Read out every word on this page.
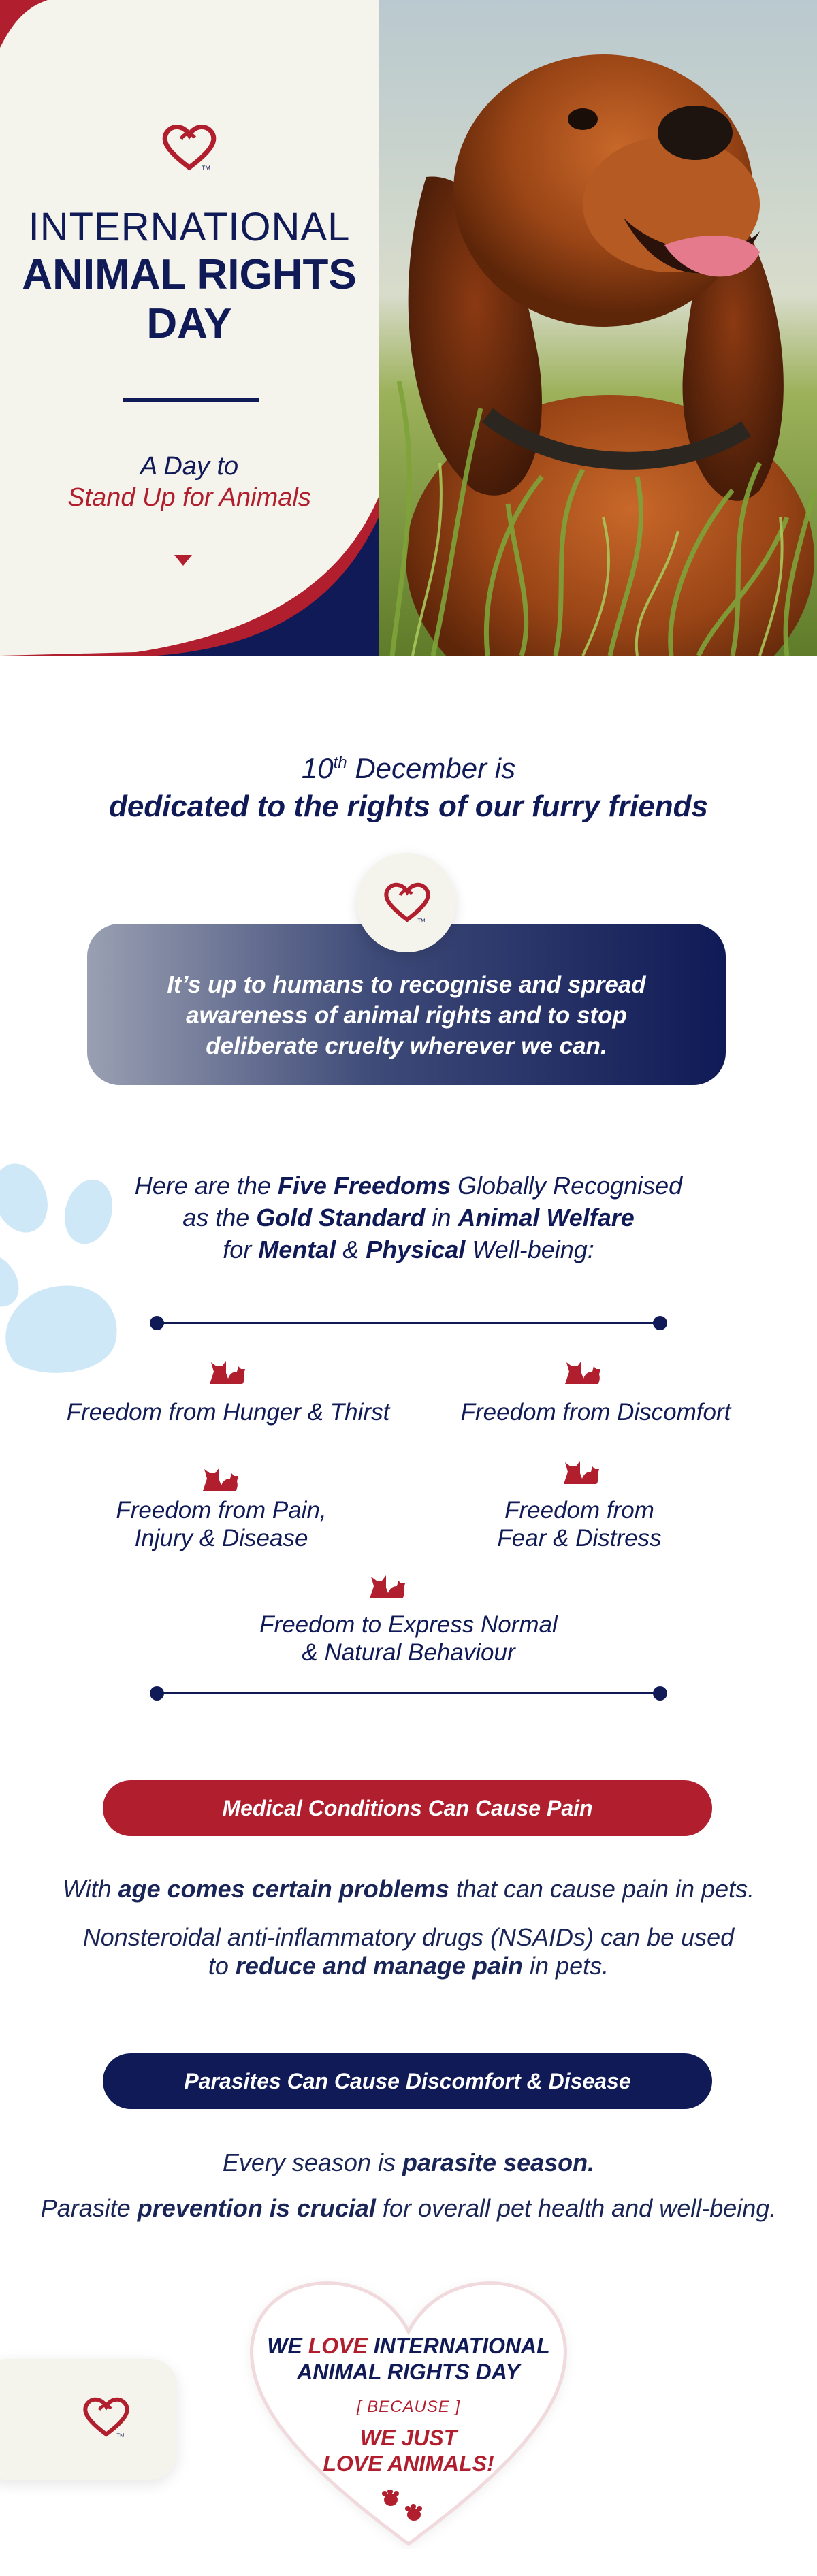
TM
INTERNATIONAL
ANIMAL RIGHTS
DAY
A Day to
Stand Up for Animals
10th December is
dedicated to the rights of our furry friends

It’s up to humans to recognise and spread awareness of animal rights and to stop deliberate cruelty wherever we can.

TM
Here are the Five Freedoms Globally Recognised
as the Gold Standard in Animal Welfare
for Mental & Physical Well-being:
Freedom from Hunger & Thirst	Freedom from Discomfort
Freedom from Pain,
Injury & Disease
Freedom from
Fear & Distress
Freedom to Express Normal
& Natural Behaviour
Medical Conditions Can Cause Pain
With age comes certain problems that can cause pain in pets.
Nonsteroidal anti-inflammatory drugs (NSAIDs) can be used
to reduce and manage pain in pets.
Parasites Can Cause Discomfort & Disease
Every season is parasite season.
Parasite prevention is crucial for overall pet health and well-being.
TM
WE LOVE INTERNATIONAL
ANIMAL RIGHTS DAY
[ BECAUSE ]
WE JUST
LOVE ANIMALS!
